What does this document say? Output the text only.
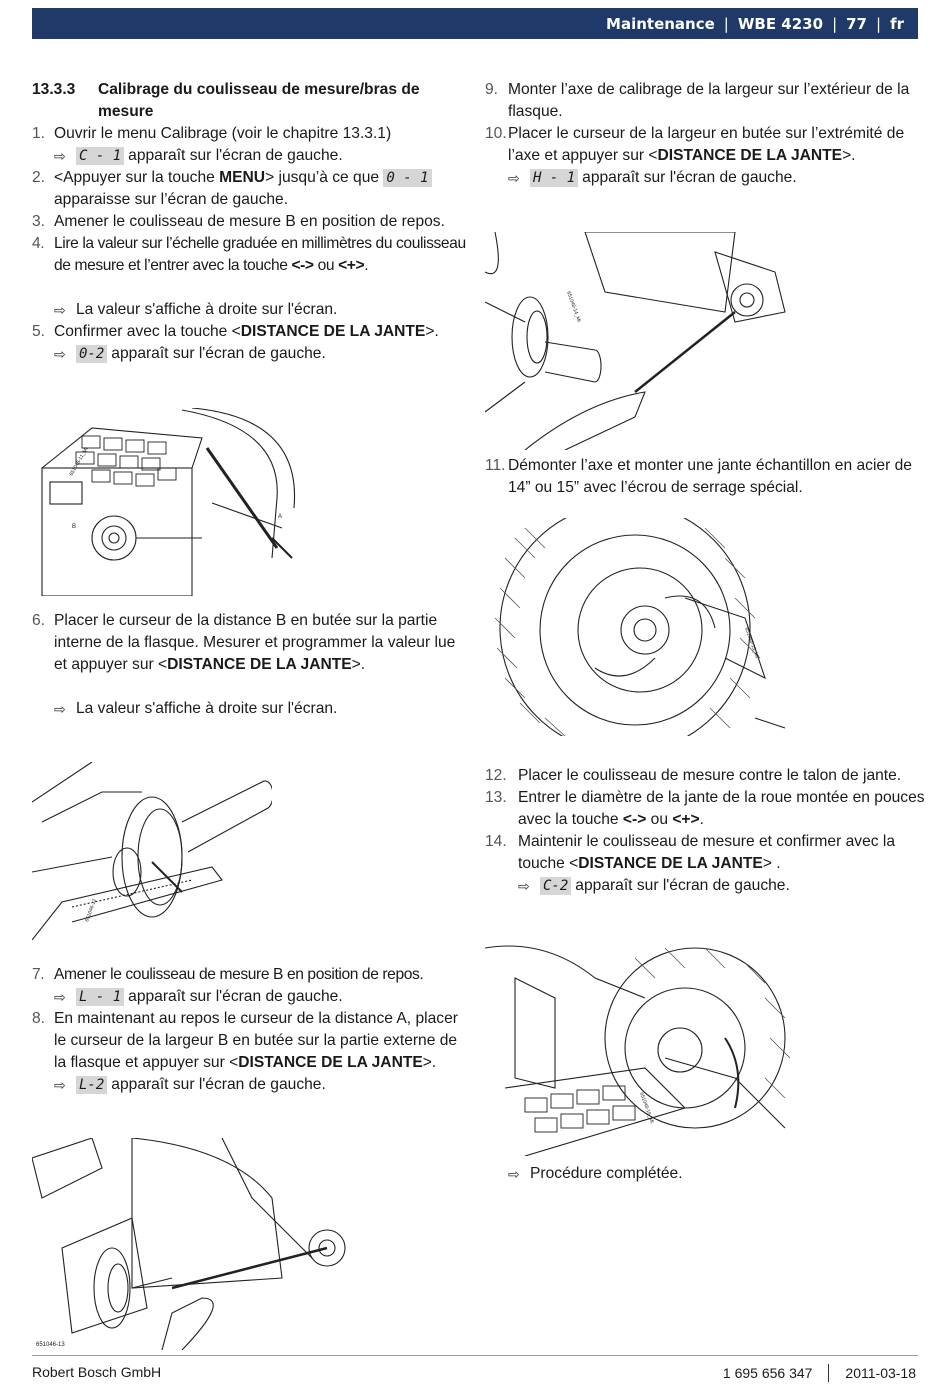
Maintenance | WBE 4230 | 77 | fr
13.3.3	Calibrage du coulisseau de mesure/bras de mesure
1. Ouvrir le menu Calibrage (voir le chapitre 13.3.1)
⇨ C - 1 apparaît sur l'écran de gauche.
2. <Appuyer sur la touche MENU> jusqu’à ce que 0 - 1
apparaisse sur l’écran de gauche.
3. Amener le coulisseau de mesure B en position de repos.
4. Lire la valeur sur l’échelle graduée en millimètres du coulisseau de mesure et l’entrer avec la touche <-> ou <+>.
⇨ La valeur s'affiche à droite sur l'écran.
5. Confirmer avec la touche <DISTANCE DE LA JANTE>.
⇨ 0-2 apparaît sur l'écran de gauche.
A
B
651046-11_Mt
6. Placer le curseur de la distance B en butée sur la partie interne de la flasque. Mesurer et programmer la valeur lue et appuyer sur <DISTANCE DE LA JANTE>.
⇨ La valeur s'affiche à droite sur l'écran.
651046-12
7. Amener le coulisseau de mesure B en position de repos.
⇨ L - 1 apparaît sur l'écran de gauche.
8. En maintenant au repos le curseur de la distance A, placer le curseur de la largeur B en butée sur la partie externe de la flasque et appuyer sur <DISTANCE DE LA JANTE>.
⇨ L-2 apparaît sur l'écran de gauche.
651046-13
9. Monter l’axe de calibrage de la largeur sur l’extérieur de la flasque.
10. Placer le curseur de la largeur en butée sur l’extrémité de l’axe et appuyer sur <DISTANCE DE LA JANTE>.
⇨ H - 1 apparaît sur l'écran de gauche.
651046-14_Mt
11. Démonter l’axe et monter une jante échantillon en acier de 14” ou 15” avec l’écrou de serrage spécial.
651046-15_Mt
12. Placer le coulisseau de mesure contre le talon de jante.
13. Entrer le diamètre de la jante de la roue montée en pouces avec la touche <-> ou <+>.
14. Maintenir le coulisseau de mesure et confirmer avec la touche <DISTANCE DE LA JANTE> .
⇨ C-2 apparaît sur l'écran de gauche.
651046-16_Mt
⇨ Procédure complétée.
Robert Bosch GmbH	1 695 656 347 2011-03-18
